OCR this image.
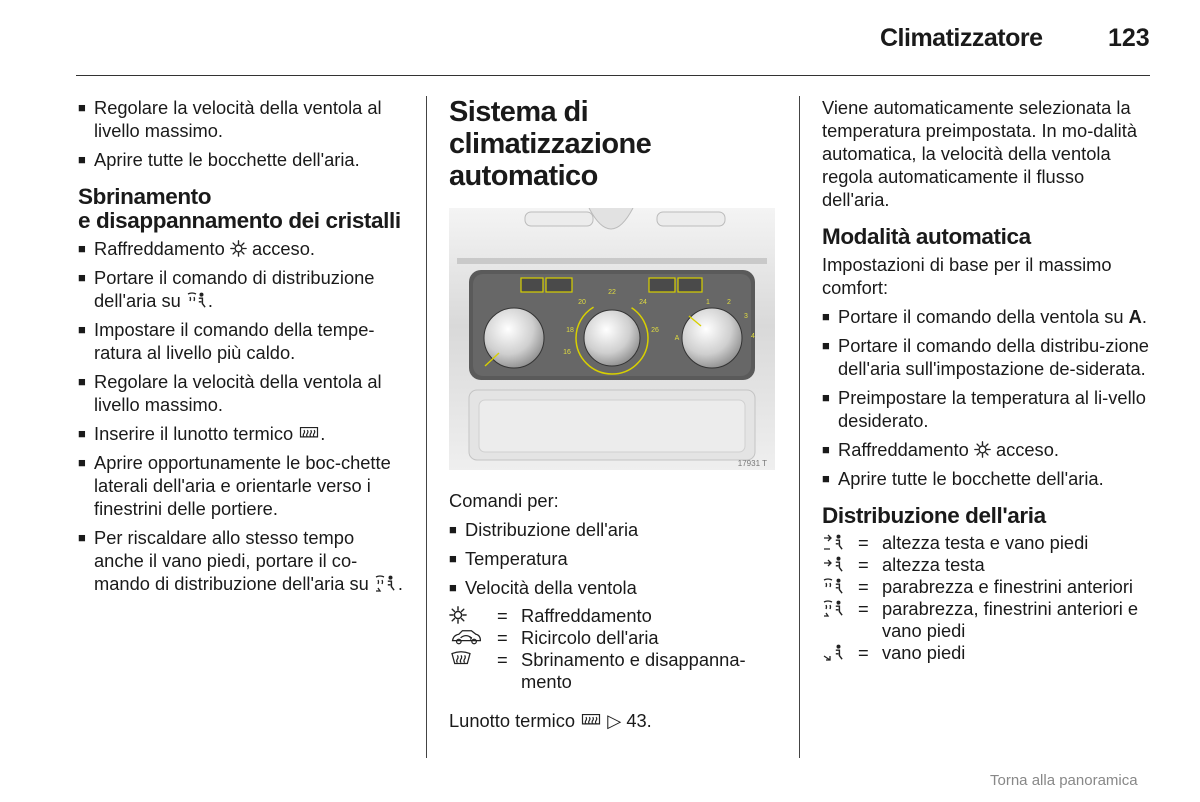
Climatizzatore	123
■ Regolare la velocità della ventola al livello massimo.
■ Aprire tutte le bocchette dell'aria.
Sbrinamento
e disappannamento dei cristalli
■ Raffreddamento  acceso.
■ Portare il comando di distribuzione dell'aria su .
■ Impostare il comando della tempe-ratura al livello più caldo.
■ Regolare la velocità della ventola al livello massimo.
■ Inserire il lunotto termico .
■ Aprire opportunamente le boc-chette laterali dell'aria e orientarle verso i finestrini delle portiere.
■ Per riscaldare allo stesso tempo anche il vano piedi, portare il co-mando di distribuzione dell'aria su .
Sistema di climatizzazione automatico
20
22
24
26
18
16
1 2
3
4
A
17931 T
Comandi per:
■ Distribuzione dell'aria
■ Temperatura
■ Velocità della ventola
= Raffreddamento
= Ricircolo dell'aria
= Sbrinamento e disappanna-mento
Lunotto termico  ▷ 43.
Viene automaticamente selezionata la temperatura preimpostata. In mo-dalità automatica, la velocità della ventola regola automaticamente il flusso dell'aria.
Modalità automatica
Impostazioni di base per il massimo comfort:
■ Portare il comando della ventola su A.
■ Portare il comando della distribu-zione dell'aria sull'impostazione de-siderata.
■ Preimpostare la temperatura al li-vello desiderato.
■ Raffreddamento  acceso.
■ Aprire tutte le bocchette dell'aria.
Distribuzione dell'aria
= altezza testa e vano piedi
= altezza testa
= parabrezza e finestrini anteriori
= parabrezza, finestrini anteriori e vano piedi
= vano piedi
Torna alla panoramica
